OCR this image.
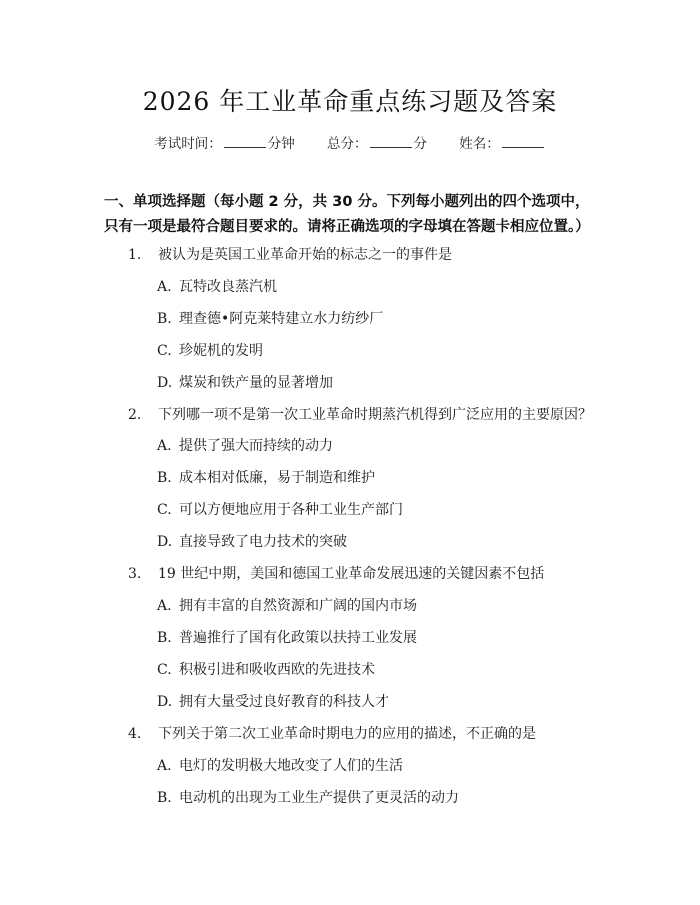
2026 年工业革命重点练习题及答案
考试时间：	分钟 总分：	分 姓名：
一、单项选择题（每小题 2 分，共 30 分。下列每小题列出的四个选项中，只有一项是最符合题目要求的。请将正确选项的字母填在答题卡相应位置。）
1. 被认为是英国工业革命开始的标志之一的事件是
A. 瓦特改良蒸汽机
B. 理查德•阿克莱特建立水力纺纱厂
C. 珍妮机的发明
D. 煤炭和铁产量的显著增加
2. 下列哪一项不是第一次工业革命时期蒸汽机得到广泛应用的主要原因？
A. 提供了强大而持续的动力
B. 成本相对低廉，易于制造和维护
C. 可以方便地应用于各种工业生产部门
D. 直接导致了电力技术的突破
3. 19 世纪中期，美国和德国工业革命发展迅速的关键因素不包括
A. 拥有丰富的自然资源和广阔的国内市场
B. 普遍推行了国有化政策以扶持工业发展
C. 积极引进和吸收西欧的先进技术
D. 拥有大量受过良好教育的科技人才
4. 下列关于第二次工业革命时期电力的应用的描述，不正确的是
A. 电灯的发明极大地改变了人们的生活
B. 电动机的出现为工业生产提供了更灵活的动力
